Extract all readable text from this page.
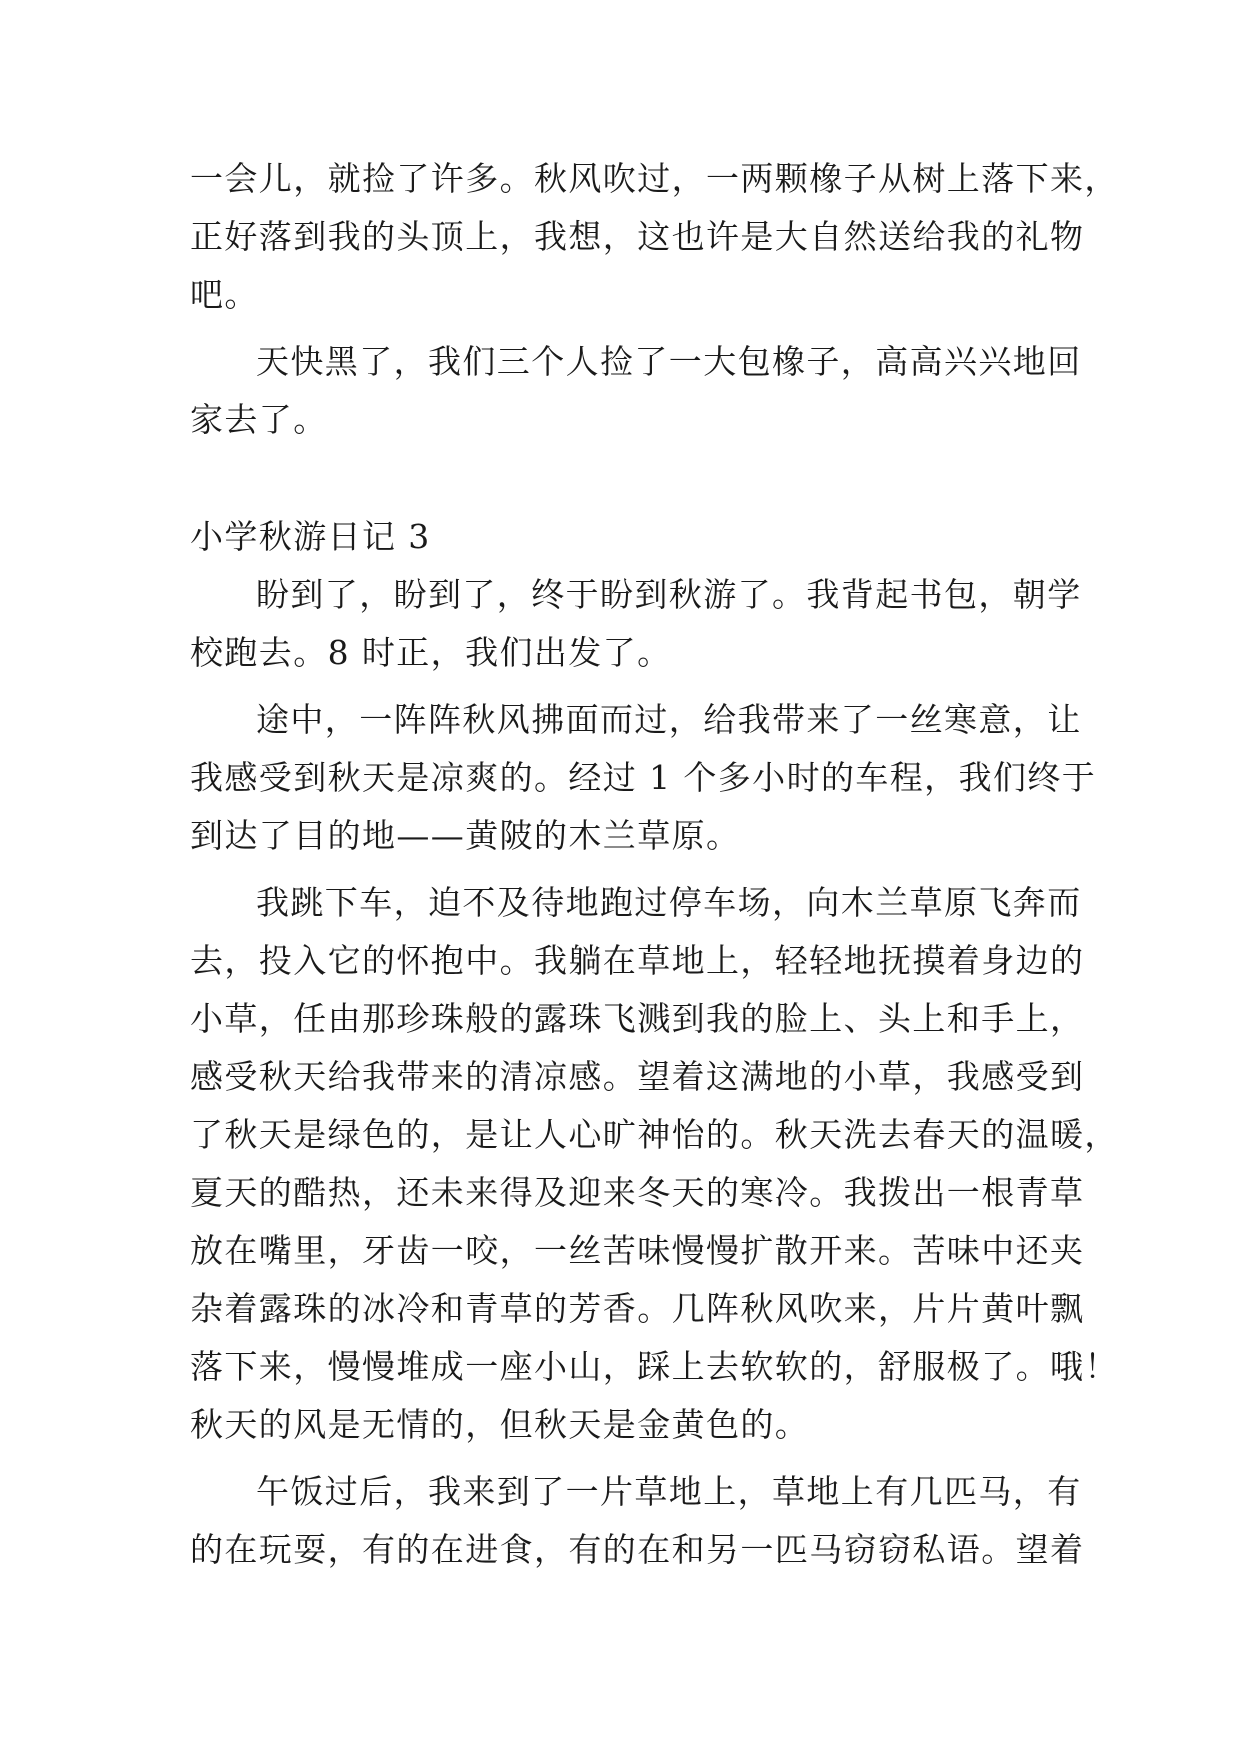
一会儿，就捡了许多。秋风吹过，一两颗橡子从树上落下来，

正好落到我的头顶上，我想，这也许是大自然送给我的礼物

吧。

天快黑了，我们三个人捡了一大包橡子，高高兴兴地回

家去了。

小学秋游日记 3

盼到了，盼到了，终于盼到秋游了。我背起书包，朝学

校跑去。8 时正，我们出发了。

途中，一阵阵秋风拂面而过，给我带来了一丝寒意，让

我感受到秋天是凉爽的。经过 1 个多小时的车程，我们终于

到达了目的地——黄陂的木兰草原。

我跳下车，迫不及待地跑过停车场，向木兰草原飞奔而

去，投入它的怀抱中。我躺在草地上，轻轻地抚摸着身边的

小草，任由那珍珠般的露珠飞溅到我的脸上、头上和手上，

感受秋天给我带来的清凉感。望着这满地的小草，我感受到

了秋天是绿色的，是让人心旷神怡的。秋天洗去春天的温暖，

夏天的酷热，还未来得及迎来冬天的寒冷。我拨出一根青草

放在嘴里，牙齿一咬，一丝苦味慢慢扩散开来。苦味中还夹

杂着露珠的冰冷和青草的芳香。几阵秋风吹来，片片黄叶飘

落下来，慢慢堆成一座小山，踩上去软软的，舒服极了。哦！

秋天的风是无情的，但秋天是金黄色的。

午饭过后，我来到了一片草地上，草地上有几匹马，有

的在玩耍，有的在进食，有的在和另一匹马窃窃私语。望着
